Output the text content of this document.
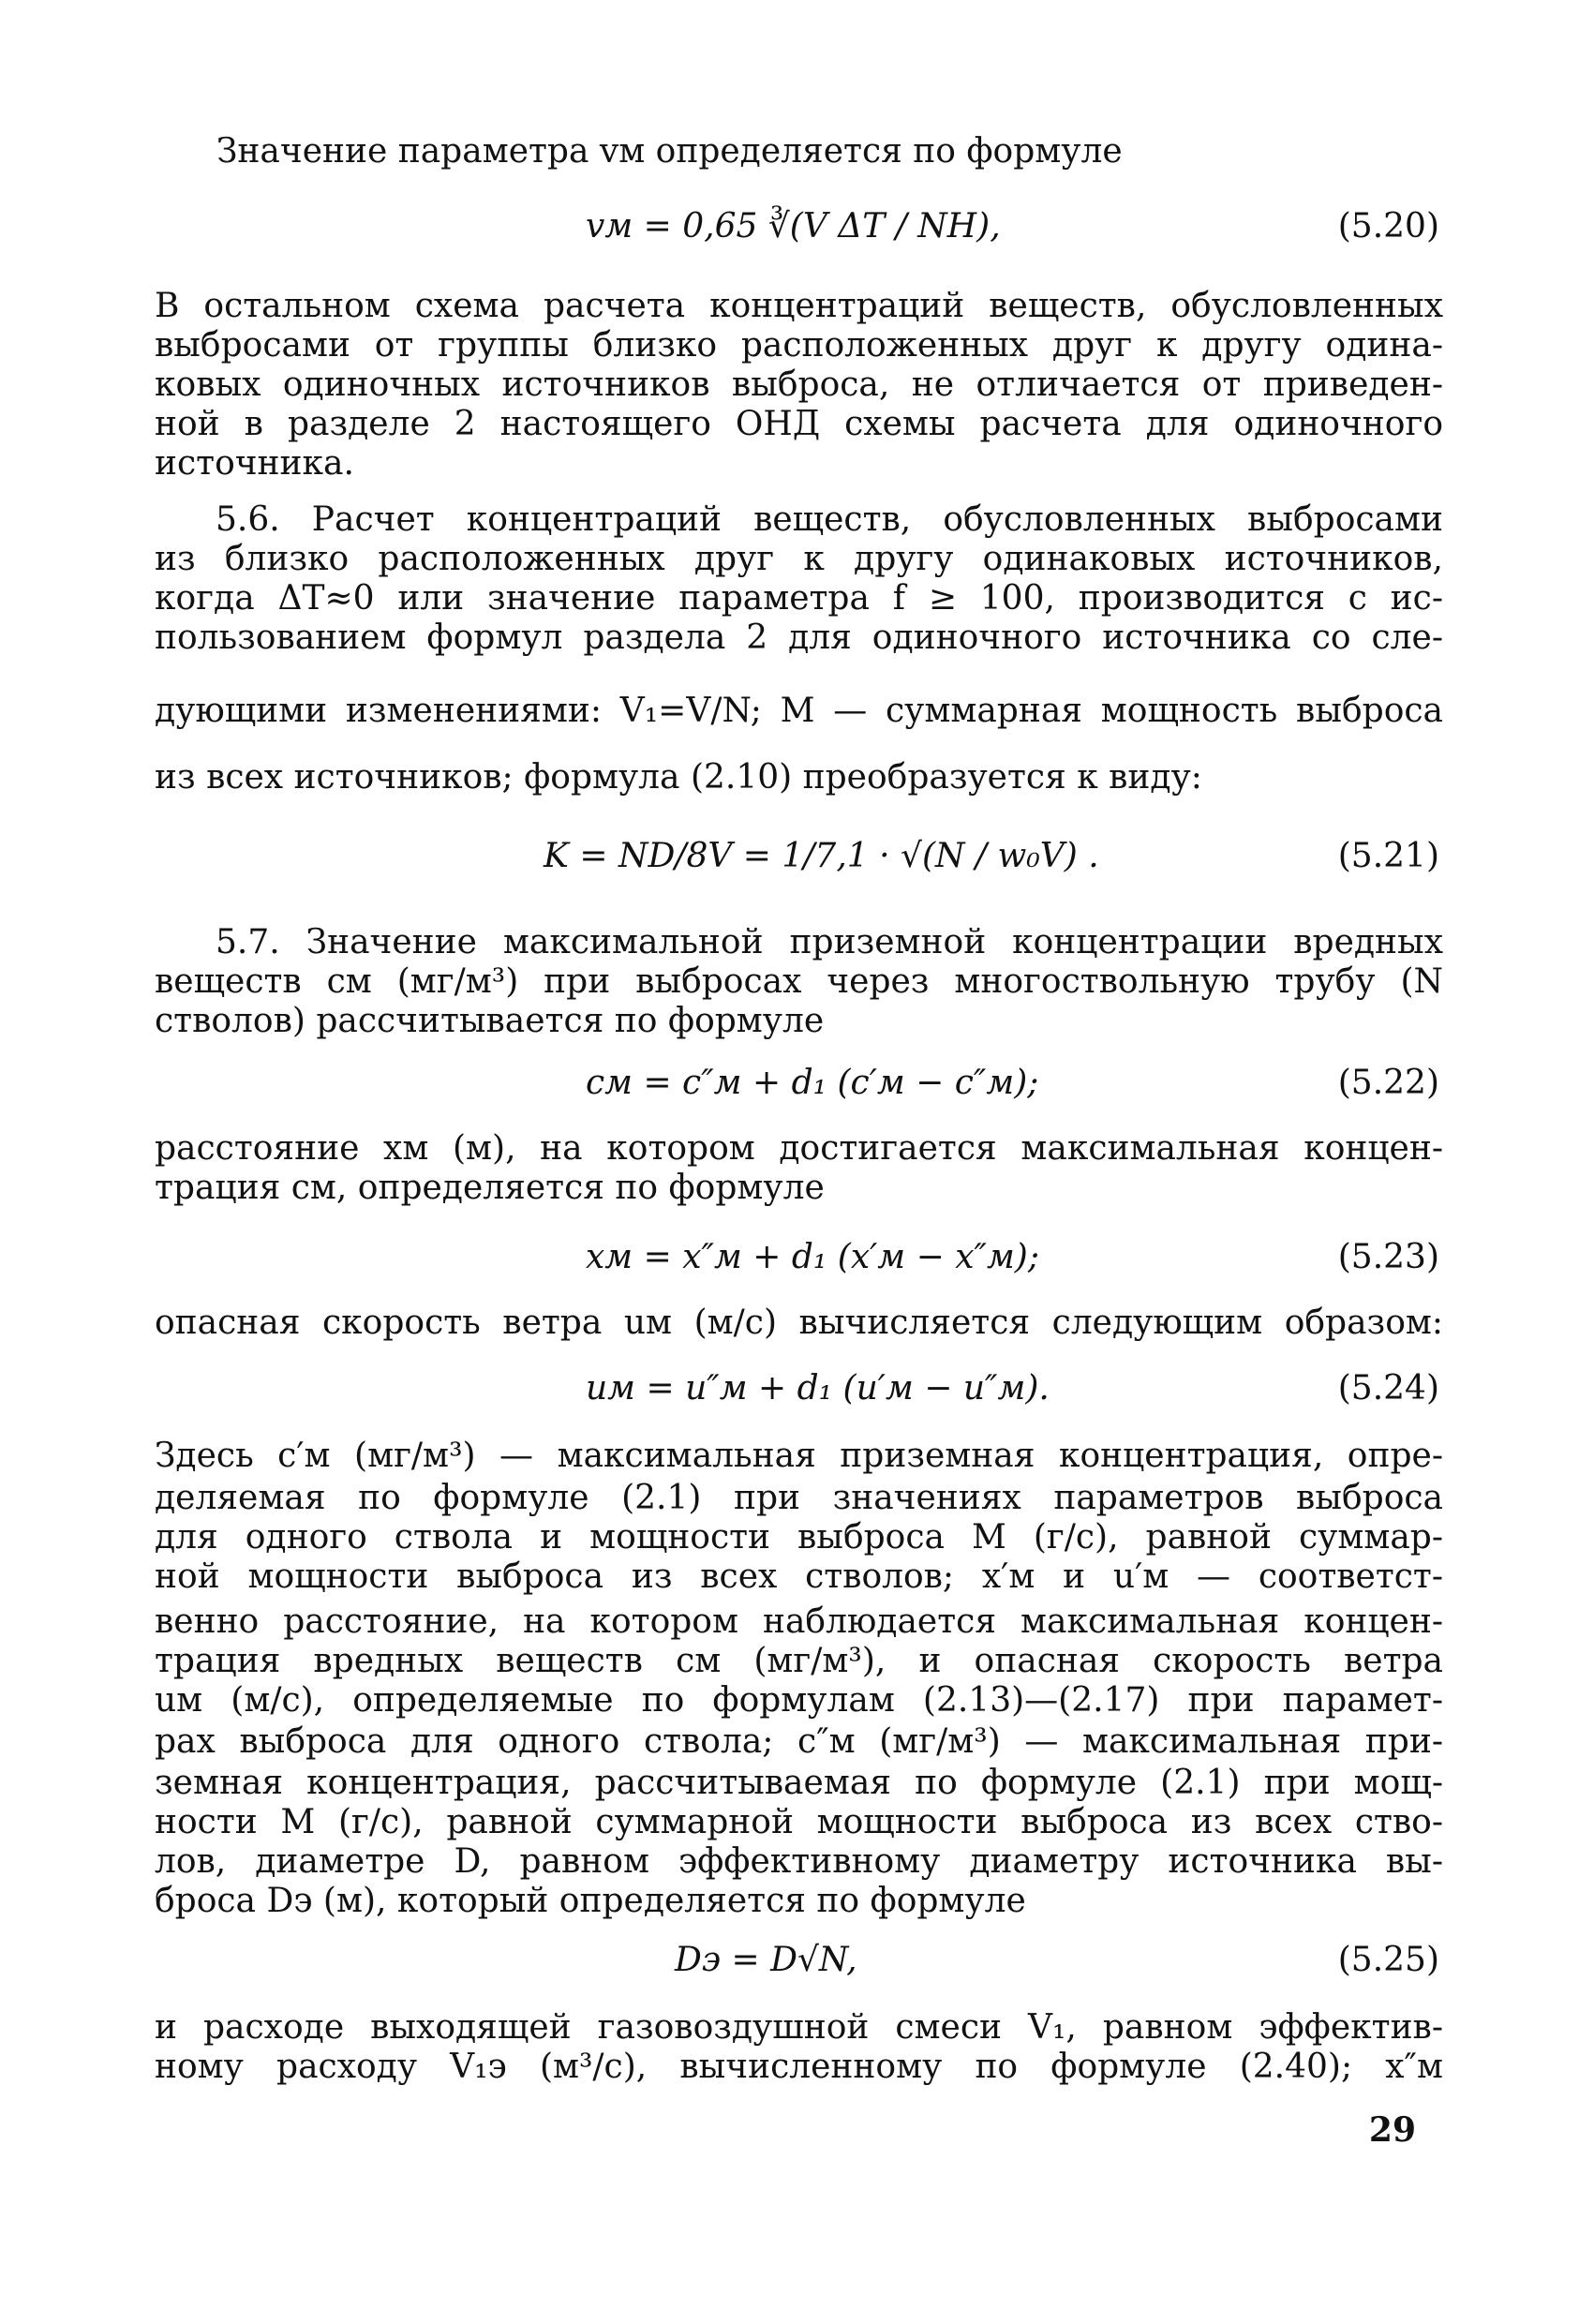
Значение параметра vм определяется по формуле
В остальном схема расчета концентраций веществ, обусловленных
выбросами от группы близко расположенных друг к другу одина-
ковых одиночных источников выброса, не отличается от приведен-
ной в разделе 2 настоящего ОНД схемы расчета для одиночного
источника.
5.6. Расчет концентраций веществ, обусловленных выбросами
из близко расположенных друг к другу одинаковых источников,
когда ΔT≈0 или значение параметра f ≥ 100, производится с ис-
пользованием формул раздела 2 для одиночного источника со сле-
дующими изменениями: V₁=V/N; M — суммарная мощность выброса
из всех источников; формула (2.10) преобразуется к виду:
5.7. Значение максимальной приземной концентрации вредных
веществ cм (мг/м³) при выбросах через многоствольную трубу (N
стволов) рассчитывается по формуле
расстояние xм (м), на котором достигается максимальная концен-
трация cм, определяется по формуле
опасная скорость ветра uм (м/с) вычисляется следующим образом:
Здесь c′м (мг/м³) — максимальная приземная концентрация, опре-
деляемая по формуле (2.1) при значениях параметров выброса
для одного ствола и мощности выброса M (г/с), равной суммар-
ной мощности выброса из всех стволов; x′м и u′м — соответст-
венно расстояние, на котором наблюдается максимальная концен-
трация вредных веществ cм (мг/м³), и опасная скорость ветра
uм (м/с), определяемые по формулам (2.13)—(2.17) при парамет-
рах выброса для одного ствола; c″м (мг/м³) — максимальная при-
земная концентрация, рассчитываемая по формуле (2.1) при мощ-
ности M (г/с), равной суммарной мощности выброса из всех ство-
лов, диаметре D, равном эффективному диаметру источника вы-
броса Dэ (м), который определяется по формуле
и расходе выходящей газовоздушной смеси V₁, равном эффектив-
ному расходу V₁э (м³/с), вычисленному по формуле (2.40); x″м
vм = 0,65 ∛(V ΔT / NH),	(5.20)
K = ND/8V = 1/7,1 · √(N / w₀V) .	(5.21)
cм = c″м + d₁ (c′м − c″м);	(5.22)
xм = x″м + d₁ (x′м − x″м);	(5.23)
uм = u″м + d₁ (u′м − u″м).	(5.24)
Dэ = D√N,	(5.25)
29
